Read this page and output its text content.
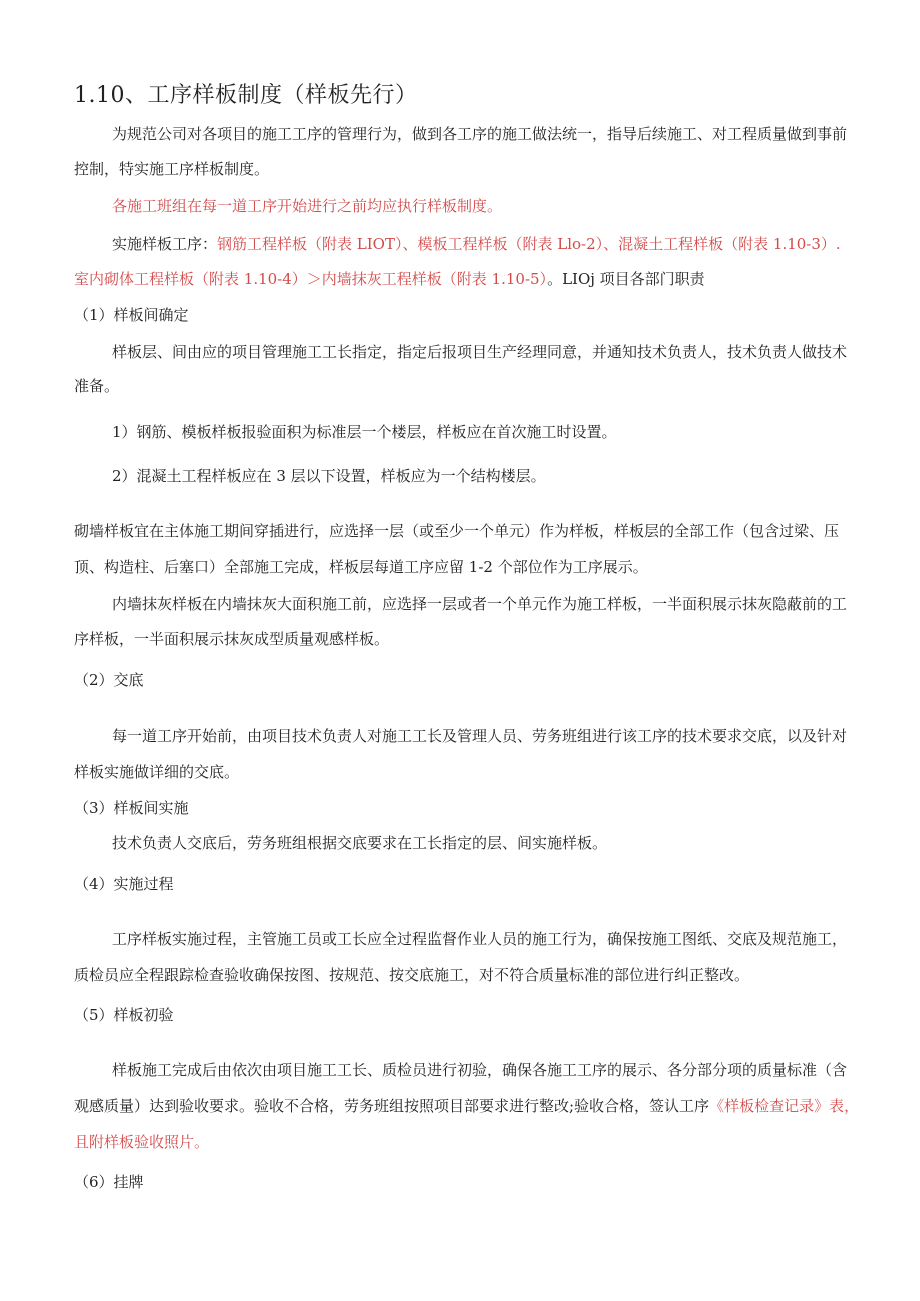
1.10、工序样板制度（样板先行）
为规范公司对各项目的施工工序的管理行为，做到各工序的施工做法统一，指导后续施工、对工程质量做到事前
控制，特实施工序样板制度。
各施工班组在每一道工序开始进行之前均应执行样板制度。
实施样板工序：钢筋工程样板（附表 LIOT）、模板工程样板（附表 Llo-2）、混凝土工程样板（附表 1.10-3）.
室内砌体工程样板（附表 1.10-4）＞内墙抹灰工程样板（附表 1.10-5）。LIOj 项目各部门职责
（1）样板间确定
样板层、间由应的项目管理施工工长指定，指定后报项目生产经理同意，并通知技术负责人，技术负责人做技术
准备。
1）钢筋、模板样板报验面积为标准层一个楼层，样板应在首次施工时设置。
2）混凝土工程样板应在 3 层以下设置，样板应为一个结构楼层。
砌墙样板宜在主体施工期间穿插进行，应选择一层（或至少一个单元）作为样板，样板层的全部工作（包含过梁、压
顶、构造柱、后塞口）全部施工完成，样板层每道工序应留 1-2 个部位作为工序展示。
内墙抹灰样板在内墙抹灰大面积施工前，应选择一层或者一个单元作为施工样板，一半面积展示抹灰隐蔽前的工
序样板，一半面积展示抹灰成型质量观感样板。
（2）交底
每一道工序开始前，由项目技术负责人对施工工长及管理人员、劳务班组进行该工序的技术要求交底，以及针对
样板实施做详细的交底。
（3）样板间实施
技术负责人交底后，劳务班组根据交底要求在工长指定的层、间实施样板。
（4）实施过程
工序样板实施过程，主管施工员或工长应全过程监督作业人员的施工行为，确保按施工图纸、交底及规范施工，
质检员应全程跟踪检查验收确保按图、按规范、按交底施工，对不符合质量标准的部位进行纠正整改。
（5）样板初验
样板施工完成后由依次由项目施工工长、质检员进行初验，确保各施工工序的展示、各分部分项的质量标准（含
观感质量）达到验收要求。验收不合格，劳务班组按照项目部要求进行整改;验收合格，签认工序《样板检查记录》表，
且附样板验收照片。
（6）挂牌
